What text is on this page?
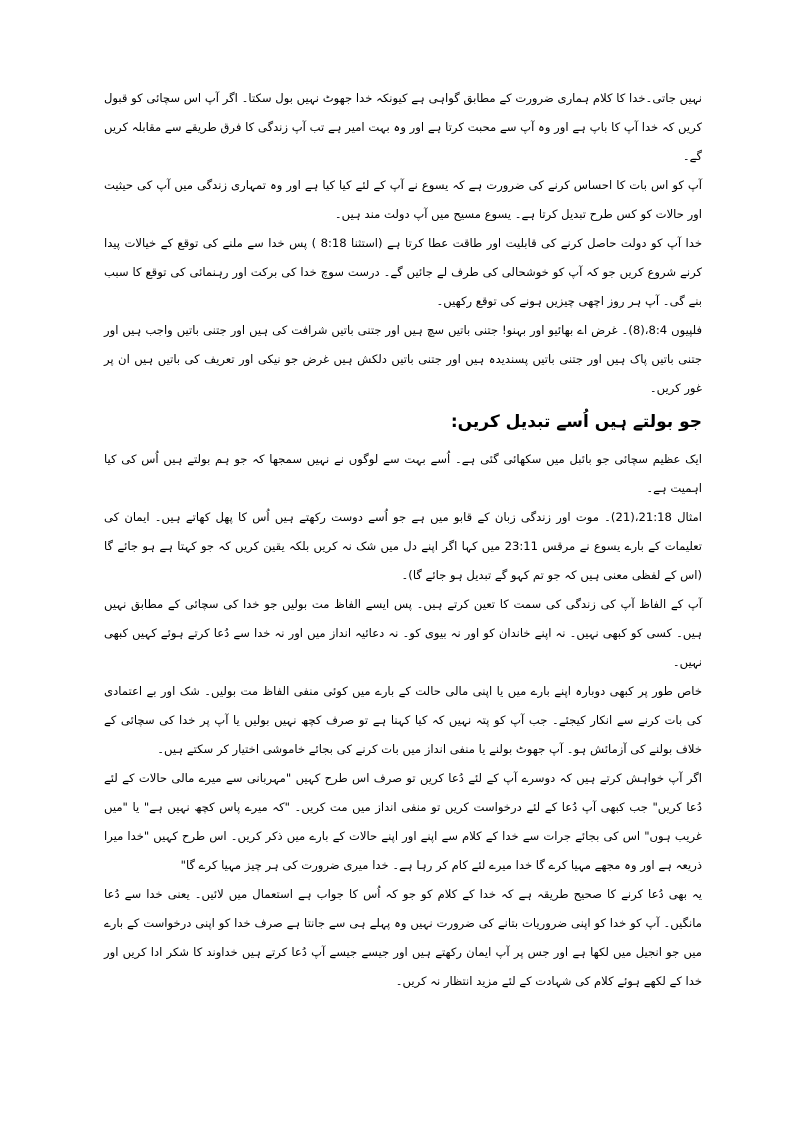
نہیں جاتی۔خدا کا کلام ہماری ضرورت کے مطابق گواہی ہے کیونکہ خدا جھوٹ نہیں بول سکتا۔ اگر آپ اس سچائی کو قبول کریں کہ خدا آپ کا باپ ہے اور وہ آپ سے محبت کرتا ہے اور وہ بہت امیر ہے تب آپ زندگی کا فرق طریقے سے مقابلہ کریں گے۔

آپ کو اس بات کا احساس کرنے کی ضرورت ہے کہ یسوع نے آپ کے لئے کیا کیا ہے اور وہ تمہاری زندگی میں آپ کی حیثیت اور حالات کو کس طرح تبدیل کرتا ہے۔ یسوع مسیح میں آپ دولت مند ہیں۔

خدا آپ کو دولت حاصل کرنے کی قابلیت اور طاقت عطا کرتا ہے (استثنا 8:18 ) پس خدا سے ملنے کی توقع کے خیالات پیدا کرنے شروع کریں جو کہ آپ کو خوشحالی کی طرف لے جائیں گے۔ درست سوچ خدا کی برکت اور رہنمائی کی توقع کا سبب بنے گی۔ آپ ہر روز اچھی چیزیں ہونے کی توقع رکھیں۔

فلپیوں 8:4،(8)۔ غرض اے بھائیو اور بہنو! جتنی باتیں سچ ہیں اور جتنی باتیں شرافت کی ہیں اور جتنی باتیں واجب ہیں اور جتنی باتیں پاک ہیں اور جتنی باتیں پسندیدہ ہیں اور جتنی باتیں دلکش ہیں غرض جو نیکی اور تعریف کی باتیں ہیں ان پر غور کریں۔

جو بولتے ہیں اُسے تبدیل کریں:

ایک عظیم سچائی جو بائبل میں سکھائی گئی ہے۔ اُسے بہت سے لوگوں نے نہیں سمجھا کہ جو ہم بولتے ہیں اُس کی کیا اہمیت ہے۔

امثال 21:18،(21)۔ موت اور زندگی زبان کے قابو میں ہے جو اُسے دوست رکھتے ہیں اُس کا پھل کھاتے ہیں۔ ایمان کی تعلیمات کے بارے یسوع نے مرقس 23:11 میں کہا اگر اپنے دل میں شک نہ کریں بلکہ یقین کریں کہ جو کہتا ہے ہو جائے گا (اس کے لفظی معنی ہیں کہ جو تم کہو گے تبدیل ہو جائے گا)۔

آپ کے الفاظ آپ کی زندگی کی سمت کا تعین کرتے ہیں۔ پس ایسے الفاظ مت بولیں جو خدا کی سچائی کے مطابق نہیں ہیں۔ کسی کو کبھی نہیں۔ نہ اپنے خاندان کو اور نہ بیوی کو۔ نہ دعائیہ انداز میں اور نہ خدا سے دُعا کرتے ہوئے کہیں کبھی نہیں۔

خاص طور پر کبھی دوبارہ اپنے بارے میں یا اپنی مالی حالت کے بارے میں کوئی منفی الفاظ مت بولیں۔ شک اور بے اعتمادی کی بات کرنے سے انکار کیجئے۔ جب آپ کو پتہ نہیں کہ کیا کہنا ہے تو صرف کچھ نہیں بولیں یا آپ پر خدا کی سچائی کے خلاف بولنے کی آزمائش ہو۔ آپ جھوٹ بولنے یا منفی انداز میں بات کرنے کی بجائے خاموشی اختیار کر سکتے ہیں۔

اگر آپ خواہش کرتے ہیں کہ دوسرے آپ کے لئے دُعا کریں تو صرف اس طرح کہیں "مہربانی سے میرے مالی حالات کے لئے دُعا کریں" جب کبھی آپ دُعا کے لئے درخواست کریں تو منفی انداز میں مت کریں۔ "کہ میرے پاس کچھ نہیں ہے" یا "میں غریب ہوں" اس کی بجائے جرات سے خدا کے کلام سے اپنے اور اپنے حالات کے بارے میں ذکر کریں۔ اس طرح کہیں "خدا میرا ذریعہ ہے اور وہ مجھے مہیا کرے گا خدا میرے لئے کام کر رہا ہے۔ خدا میری ضرورت کی ہر چیز مہیا کرے گا"

یہ بھی دُعا کرنے کا صحیح طریقہ ہے کہ خدا کے کلام کو جو کہ اُس کا جواب ہے استعمال میں لائیں۔ یعنی خدا سے دُعا مانگیں۔ آپ کو خدا کو اپنی ضروریات بتانے کی ضرورت نہیں وہ پہلے ہی سے جانتا ہے صرف خدا کو اپنی درخواست کے بارے میں جو انجیل میں لکھا ہے اور جس پر آپ ایمان رکھتے ہیں اور جیسے جیسے آپ دُعا کرتے ہیں خداوند کا شکر ادا کریں اور خدا کے لکھے ہوئے کلام کی شہادت کے لئے مزید انتظار نہ کریں۔
